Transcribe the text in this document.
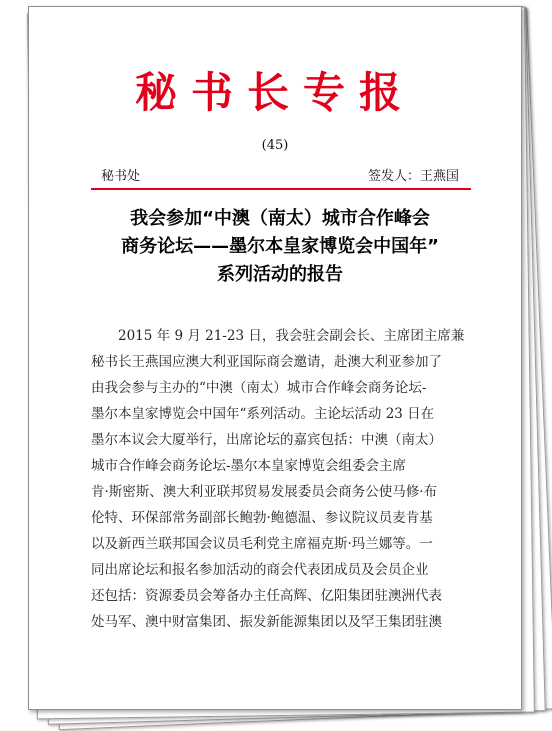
秘书长专报
(45)
秘书处	签发人：王燕国
我会参加“中澳（南太）城市合作峰会
商务论坛——墨尔本皇家博览会中国年”
系列活动的报告
　　2015 年 9 月 21-23 日，我会驻会副会长、主席团主席兼
秘书长王燕国应澳大利亚国际商会邀请，赴澳大利亚参加了
由我会参与主办的“中澳（南太）城市合作峰会商务论坛-
墨尔本皇家博览会中国年“系列活动。主论坛活动 23 日在
墨尔本议会大厦举行，出席论坛的嘉宾包括：中澳（南太）
城市合作峰会商务论坛-墨尔本皇家博览会组委会主席
肯·斯密斯、澳大利亚联邦贸易发展委员会商务公使马修·布
伦特、环保部常务副部长鲍勃·鲍德温、参议院议员麦肯基
以及新西兰联邦国会议员毛利党主席福克斯·玛兰娜等。一
同出席论坛和报名参加活动的商会代表团成员及会员企业
还包括：资源委员会筹备办主任高辉、亿阳集团驻澳洲代表
处马军、澳中财富集团、振发新能源集团以及罕王集团驻澳
